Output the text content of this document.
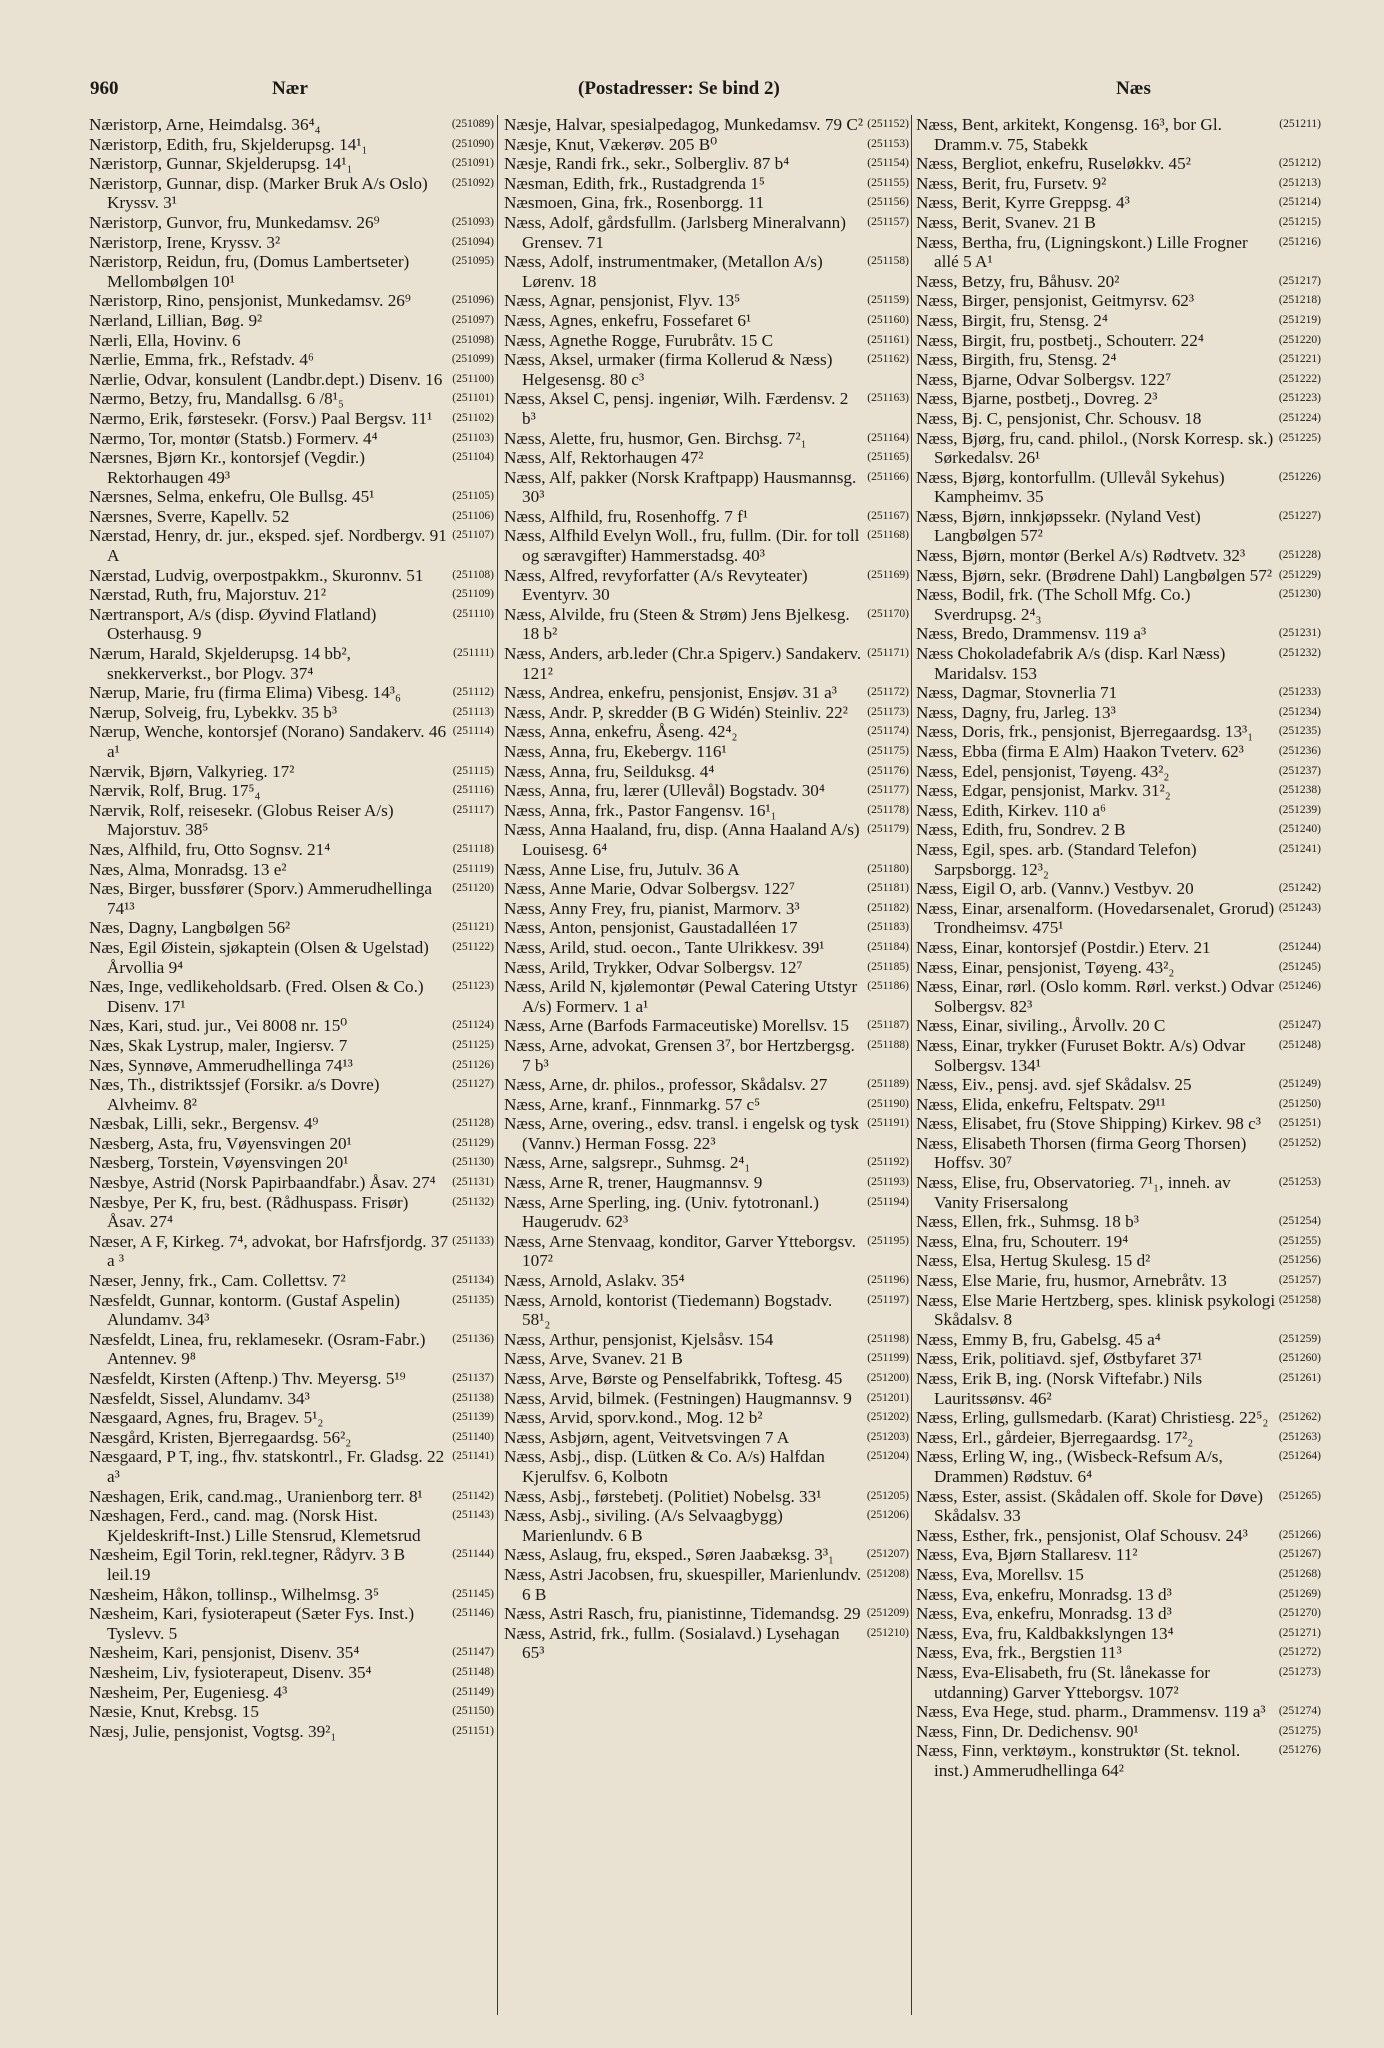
960	Nær	(Postadresser: Se bind 2)	Næs

(251089)
Næristorp, Arne, Heimdalsg. 36⁴₄

(251090)
Næristorp, Edith, fru, Skjelderupsg. 14¹₁

(251091)
Næristorp, Gunnar, Skjelderupsg. 14¹₁

(251092)
Næristorp, Gunnar, disp. (Marker Bruk A/s Oslo) Kryssv. 3¹

(251093)
Næristorp, Gunvor, fru, Munkedamsv. 26⁹

(251094)
Næristorp, Irene, Kryssv. 3²

(251095)
Næristorp, Reidun, fru, (Domus Lambertseter) Mellombølgen 10¹

(251096)
Næristorp, Rino, pensjonist, Munkedamsv. 26⁹

(251097)
Nærland, Lillian, Bøg. 9²

(251098)
Nærli, Ella, Hovinv. 6

(251099)
Nærlie, Emma, frk., Refstadv. 4⁶

(251100)
Nærlie, Odvar, konsulent (Landbr.dept.) Disenv. 16

(251101)
Nærmo, Betzy, fru, Mandallsg. 6 /8¹₅

(251102)
Nærmo, Erik, førstesekr. (Forsv.) Paal Bergsv. 11¹

(251103)
Nærmo, Tor, montør (Statsb.) Formerv. 4⁴

(251104)
Nærsnes, Bjørn Kr., kontorsjef (Vegdir.) Rektorhaugen 49³

(251105)
Nærsnes, Selma, enkefru, Ole Bullsg. 45¹

(251106)
Nærsnes, Sverre, Kapellv. 52

(251107)
Nærstad, Henry, dr. jur., eksped. sjef. Nordbergv. 91 A

(251108)
Nærstad, Ludvig, overpostpakkm., Skuronnv. 51

(251109)
Nærstad, Ruth, fru, Majorstuv. 21²

(251110)
Nærtransport, A/s (disp. Øyvind Flatland) Osterhausg. 9

(251111)
Nærum, Harald, Skjelderupsg. 14 bb², snekkerverkst., bor Plogv. 37⁴

(251112)
Nærup, Marie, fru (firma Elima) Vibesg. 14³₆

(251113)
Nærup, Solveig, fru, Lybekkv. 35 b³

(251114)
Nærup, Wenche, kontorsjef (Norano) Sandakerv. 46 a¹

(251115)
Nærvik, Bjørn, Valkyrieg. 17²

(251116)
Nærvik, Rolf, Brug. 17⁵₄

(251117)
Nærvik, Rolf, reisesekr. (Globus Reiser A/s) Majorstuv. 38⁵

(251118)
Næs, Alfhild, fru, Otto Sognsv. 21⁴

(251119)
Næs, Alma, Monradsg. 13 e²

(251120)
Næs, Birger, bussfører (Sporv.) Ammerudhellinga 74¹³

(251121)
Næs, Dagny, Langbølgen 56²

(251122)
Næs, Egil Øistein, sjøkaptein (Olsen & Ugelstad) Årvollia 9⁴

(251123)
Næs, Inge, vedlikeholdsarb. (Fred. Olsen & Co.) Disenv. 17¹

(251124)
Næs, Kari, stud. jur., Vei 8008 nr. 15⁰

(251125)
Næs, Skak Lystrup, maler, Ingiersv. 7

(251126)
Næs, Synnøve, Ammerudhellinga 74¹³

(251127)
Næs, Th., distriktssjef (Forsikr. a/s Dovre) Alvheimv. 8²

(251128)
Næsbak, Lilli, sekr., Bergensv. 4⁹

(251129)
Næsberg, Asta, fru, Vøyensvingen 20¹

(251130)
Næsberg, Torstein, Vøyensvingen 20¹

(251131)
Næsbye, Astrid (Norsk Papirbaandfabr.) Åsav. 27⁴

(251132)
Næsbye, Per K, fru, best. (Rådhuspass. Frisør) Åsav. 27⁴

(251133)
Næser, A F, Kirkeg. 7⁴, advokat, bor Hafrsfjordg. 37 a ³

(251134)
Næser, Jenny, frk., Cam. Collettsv. 7²

(251135)
Næsfeldt, Gunnar, kontorm. (Gustaf Aspelin) Alundamv. 34³

(251136)
Næsfeldt, Linea, fru, reklamesekr. (Osram-Fabr.) Antennev. 9⁸

(251137)
Næsfeldt, Kirsten (Aftenp.) Thv. Meyersg. 5¹⁹

(251138)
Næsfeldt, Sissel, Alundamv. 34³

(251139)
Næsgaard, Agnes, fru, Bragev. 5¹₂

(251140)
Næsgård, Kristen, Bjerregaardsg. 56²₂

(251141)
Næsgaard, P T, ing., fhv. statskontrl., Fr. Gladsg. 22 a³

(251142)
Næshagen, Erik, cand.mag., Uranienborg terr. 8¹

(251143)
Næshagen, Ferd., cand. mag. (Norsk Hist. Kjeldeskrift-Inst.) Lille Stensrud, Klemetsrud

(251144)
Næsheim, Egil Torin, rekl.tegner, Rådyrv. 3 B leil.19

(251145)
Næsheim, Håkon, tollinsp., Wilhelmsg. 3⁵

(251146)
Næsheim, Kari, fysioterapeut (Sæter Fys. Inst.) Tyslevv. 5

(251147)
Næsheim, Kari, pensjonist, Disenv. 35⁴

(251148)
Næsheim, Liv, fysioterapeut, Disenv. 35⁴

(251149)
Næsheim, Per, Eugeniesg. 4³

(251150)
Næsie, Knut, Krebsg. 15

(251151)
Næsj, Julie, pensjonist, Vogtsg. 39²₁

(251152)
Næsje, Halvar, spesialpedagog, Munkedamsv. 79 C²

(251153)
Næsje, Knut, Vækerøv. 205 B⁰

(251154)
Næsje, Randi frk., sekr., Solbergliv. 87 b⁴

(251155)
Næsman, Edith, frk., Rustadgrenda 1⁵

(251156)
Næsmoen, Gina, frk., Rosenborgg. 11

(251157)
Næss, Adolf, gårdsfullm. (Jarlsberg Mineralvann) Grensev. 71

(251158)
Næss, Adolf, instrumentmaker, (Metallon A/s) Lørenv. 18

(251159)
Næss, Agnar, pensjonist, Flyv. 13⁵

(251160)
Næss, Agnes, enkefru, Fossefaret 6¹

(251161)
Næss, Agnethe Rogge, Furubråtv. 15 C

(251162)
Næss, Aksel, urmaker (firma Kollerud & Næss) Helgesensg. 80 c³

(251163)
Næss, Aksel C, pensj. ingeniør, Wilh. Færdensv. 2 b³

(251164)
Næss, Alette, fru, husmor, Gen. Birchsg. 7²₁

(251165)
Næss, Alf, Rektorhaugen 47²

(251166)
Næss, Alf, pakker (Norsk Kraftpapp) Hausmannsg. 30³

(251167)
Næss, Alfhild, fru, Rosenhoffg. 7 f¹

(251168)
Næss, Alfhild Evelyn Woll., fru, fullm. (Dir. for toll og særavgifter) Hammerstadsg. 40³

(251169)
Næss, Alfred, revyforfatter (A/s Revyteater) Eventyrv. 30

(251170)
Næss, Alvilde, fru (Steen & Strøm) Jens Bjelkesg. 18 b²

(251171)
Næss, Anders, arb.leder (Chr.a Spigerv.) Sandakerv. 121²

(251172)
Næss, Andrea, enkefru, pensjonist, Ensjøv. 31 a³

(251173)
Næss, Andr. P, skredder (B G Widén) Steinliv. 22²

(251174)
Næss, Anna, enkefru, Åseng. 42⁴₂

(251175)
Næss, Anna, fru, Ekebergv. 116¹

(251176)
Næss, Anna, fru, Seilduksg. 4⁴

(251177)
Næss, Anna, fru, lærer (Ullevål) Bogstadv. 30⁴

(251178)
Næss, Anna, frk., Pastor Fangensv. 16¹₁

(251179)
Næss, Anna Haaland, fru, disp. (Anna Haaland A/s) Louisesg. 6⁴

(251180)
Næss, Anne Lise, fru, Jutulv. 36 A

(251181)
Næss, Anne Marie, Odvar Solbergsv. 122⁷

(251182)
Næss, Anny Frey, fru, pianist, Marmorv. 3³

(251183)
Næss, Anton, pensjonist, Gaustadalléen 17

(251184)
Næss, Arild, stud. oecon., Tante Ulrikkesv. 39¹

(251185)
Næss, Arild, Trykker, Odvar Solbergsv. 12⁷

(251186)
Næss, Arild N, kjølemontør (Pewal Catering Utstyr A/s) Formerv. 1 a¹

(251187)
Næss, Arne (Barfods Farmaceutiske) Morellsv. 15

(251188)
Næss, Arne, advokat, Grensen 3⁷, bor Hertzbergsg. 7 b³

(251189)
Næss, Arne, dr. philos., professor, Skådalsv. 27

(251190)
Næss, Arne, kranf., Finnmarkg. 57 c⁵

(251191)
Næss, Arne, overing., edsv. transl. i engelsk og tysk (Vannv.) Herman Fossg. 22³

(251192)
Næss, Arne, salgsrepr., Suhmsg. 2⁴₁

(251193)
Næss, Arne R, trener, Haugmannsv. 9

(251194)
Næss, Arne Sperling, ing. (Univ. fytotronanl.) Haugerudv. 62³

(251195)
Næss, Arne Stenvaag, konditor, Garver Ytteborgsv. 107²

(251196)
Næss, Arnold, Aslakv. 35⁴

(251197)
Næss, Arnold, kontorist (Tiedemann) Bogstadv. 58¹₂

(251198)
Næss, Arthur, pensjonist, Kjelsåsv. 154

(251199)
Næss, Arve, Svanev. 21 B

(251200)
Næss, Arve, Børste og Penselfabrikk, Toftesg. 45

(251201)
Næss, Arvid, bilmek. (Festningen) Haugmannsv. 9

(251202)
Næss, Arvid, sporv.kond., Mog. 12 b²

(251203)
Næss, Asbjørn, agent, Veitvetsvingen 7 A

(251204)
Næss, Asbj., disp. (Lütken & Co. A/s) Halfdan Kjerulfsv. 6, Kolbotn

(251205)
Næss, Asbj., førstebetj. (Politiet) Nobelsg. 33¹

(251206)
Næss, Asbj., siviling. (A/s Selvaagbygg) Marienlundv. 6 B

(251207)
Næss, Aslaug, fru, eksped., Søren Jaabæksg. 3³₁

(251208)
Næss, Astri Jacobsen, fru, skuespiller, Marienlundv. 6 B

(251209)
Næss, Astri Rasch, fru, pianistinne, Tidemandsg. 29

(251210)
Næss, Astrid, frk., fullm. (Sosialavd.) Lysehagan 65³

(251211)
Næss, Bent, arkitekt, Kongensg. 16³, bor Gl. Dramm.v. 75, Stabekk

(251212)
Næss, Bergliot, enkefru, Ruseløkkv. 45²

(251213)
Næss, Berit, fru, Fursetv. 9²

(251214)
Næss, Berit, Kyrre Greppsg. 4³

(251215)
Næss, Berit, Svanev. 21 B

(251216)
Næss, Bertha, fru, (Ligningskont.) Lille Frogner allé 5 A¹

(251217)
Næss, Betzy, fru, Båhusv. 20²

(251218)
Næss, Birger, pensjonist, Geitmyrsv. 62³

(251219)
Næss, Birgit, fru, Stensg. 2⁴

(251220)
Næss, Birgit, fru, postbetj., Schouterr. 22⁴

(251221)
Næss, Birgith, fru, Stensg. 2⁴

(251222)
Næss, Bjarne, Odvar Solbergsv. 122⁷

(251223)
Næss, Bjarne, postbetj., Dovreg. 2³

(251224)
Næss, Bj. C, pensjonist, Chr. Schousv. 18

(251225)
Næss, Bjørg, fru, cand. philol., (Norsk Korresp. sk.) Sørkedalsv. 26¹

(251226)
Næss, Bjørg, kontorfullm. (Ullevål Sykehus) Kampheimv. 35

(251227)
Næss, Bjørn, innkjøpssekr. (Nyland Vest) Langbølgen 57²

(251228)
Næss, Bjørn, montør (Berkel A/s) Rødtvetv. 32³

(251229)
Næss, Bjørn, sekr. (Brødrene Dahl) Langbølgen 57²

(251230)
Næss, Bodil, frk. (The Scholl Mfg. Co.) Sverdrupsg. 2⁴₃

(251231)
Næss, Bredo, Drammensv. 119 a³

(251232)
Næss Chokoladefabrik A/s (disp. Karl Næss) Maridalsv. 153

(251233)
Næss, Dagmar, Stovnerlia 71

(251234)
Næss, Dagny, fru, Jarleg. 13³

(251235)
Næss, Doris, frk., pensjonist, Bjerregaardsg. 13³₁

(251236)
Næss, Ebba (firma E Alm) Haakon Tveterv. 62³

(251237)
Næss, Edel, pensjonist, Tøyeng. 43²₂

(251238)
Næss, Edgar, pensjonist, Markv. 31²₂

(251239)
Næss, Edith, Kirkev. 110 a⁶

(251240)
Næss, Edith, fru, Sondrev. 2 B

(251241)
Næss, Egil, spes. arb. (Standard Telefon) Sarpsborgg. 12³₂

(251242)
Næss, Eigil O, arb. (Vannv.) Vestbyv. 20

(251243)
Næss, Einar, arsenalform. (Hovedarsenalet, Grorud) Trondheimsv. 475¹

(251244)
Næss, Einar, kontorsjef (Postdir.) Eterv. 21

(251245)
Næss, Einar, pensjonist, Tøyeng. 43²₂

(251246)
Næss, Einar, rørl. (Oslo komm. Rørl. verkst.) Odvar Solbergsv. 82³

(251247)
Næss, Einar, siviling., Årvollv. 20 C

(251248)
Næss, Einar, trykker (Furuset Boktr. A/s) Odvar Solbergsv. 134¹

(251249)
Næss, Eiv., pensj. avd. sjef Skådalsv. 25

(251250)
Næss, Elida, enkefru, Feltspatv. 29¹¹

(251251)
Næss, Elisabet, fru (Stove Shipping) Kirkev. 98 c³

(251252)
Næss, Elisabeth Thorsen (firma Georg Thorsen) Hoffsv. 30⁷

(251253)
Næss, Elise, fru, Observatorieg. 7¹₁, inneh. av Vanity Frisersalong

(251254)
Næss, Ellen, frk., Suhmsg. 18 b³

(251255)
Næss, Elna, fru, Schouterr. 19⁴

(251256)
Næss, Elsa, Hertug Skulesg. 15 d²

(251257)
Næss, Else Marie, fru, husmor, Arnebråtv. 13

(251258)
Næss, Else Marie Hertzberg, spes. klinisk psykologi Skådalsv. 8

(251259)
Næss, Emmy B, fru, Gabelsg. 45 a⁴

(251260)
Næss, Erik, politiavd. sjef, Østbyfaret 37¹

(251261)
Næss, Erik B, ing. (Norsk Viftefabr.) Nils Lauritssønsv. 46²

(251262)
Næss, Erling, gullsmedarb. (Karat) Christiesg. 22⁵₂

(251263)
Næss, Erl., gårdeier, Bjerregaardsg. 17²₂

(251264)
Næss, Erling W, ing., (Wisbeck-Refsum A/s, Drammen) Rødstuv. 6⁴

(251265)
Næss, Ester, assist. (Skådalen off. Skole for Døve) Skådalsv. 33

(251266)
Næss, Esther, frk., pensjonist, Olaf Schousv. 24³

(251267)
Næss, Eva, Bjørn Stallaresv. 11²

(251268)
Næss, Eva, Morellsv. 15

(251269)
Næss, Eva, enkefru, Monradsg. 13 d³

(251270)
Næss, Eva, enkefru, Monradsg. 13 d³

(251271)
Næss, Eva, fru, Kaldbakkslyngen 13⁴

(251272)
Næss, Eva, frk., Bergstien 11³

(251273)
Næss, Eva-Elisabeth, fru (St. lånekasse for utdanning) Garver Ytteborgsv. 107²

(251274)
Næss, Eva Hege, stud. pharm., Drammensv. 119 a³

(251275)
Næss, Finn, Dr. Dedichensv. 90¹

(251276)
Næss, Finn, verktøym., konstruktør (St. teknol. inst.) Ammerudhellinga 64²
